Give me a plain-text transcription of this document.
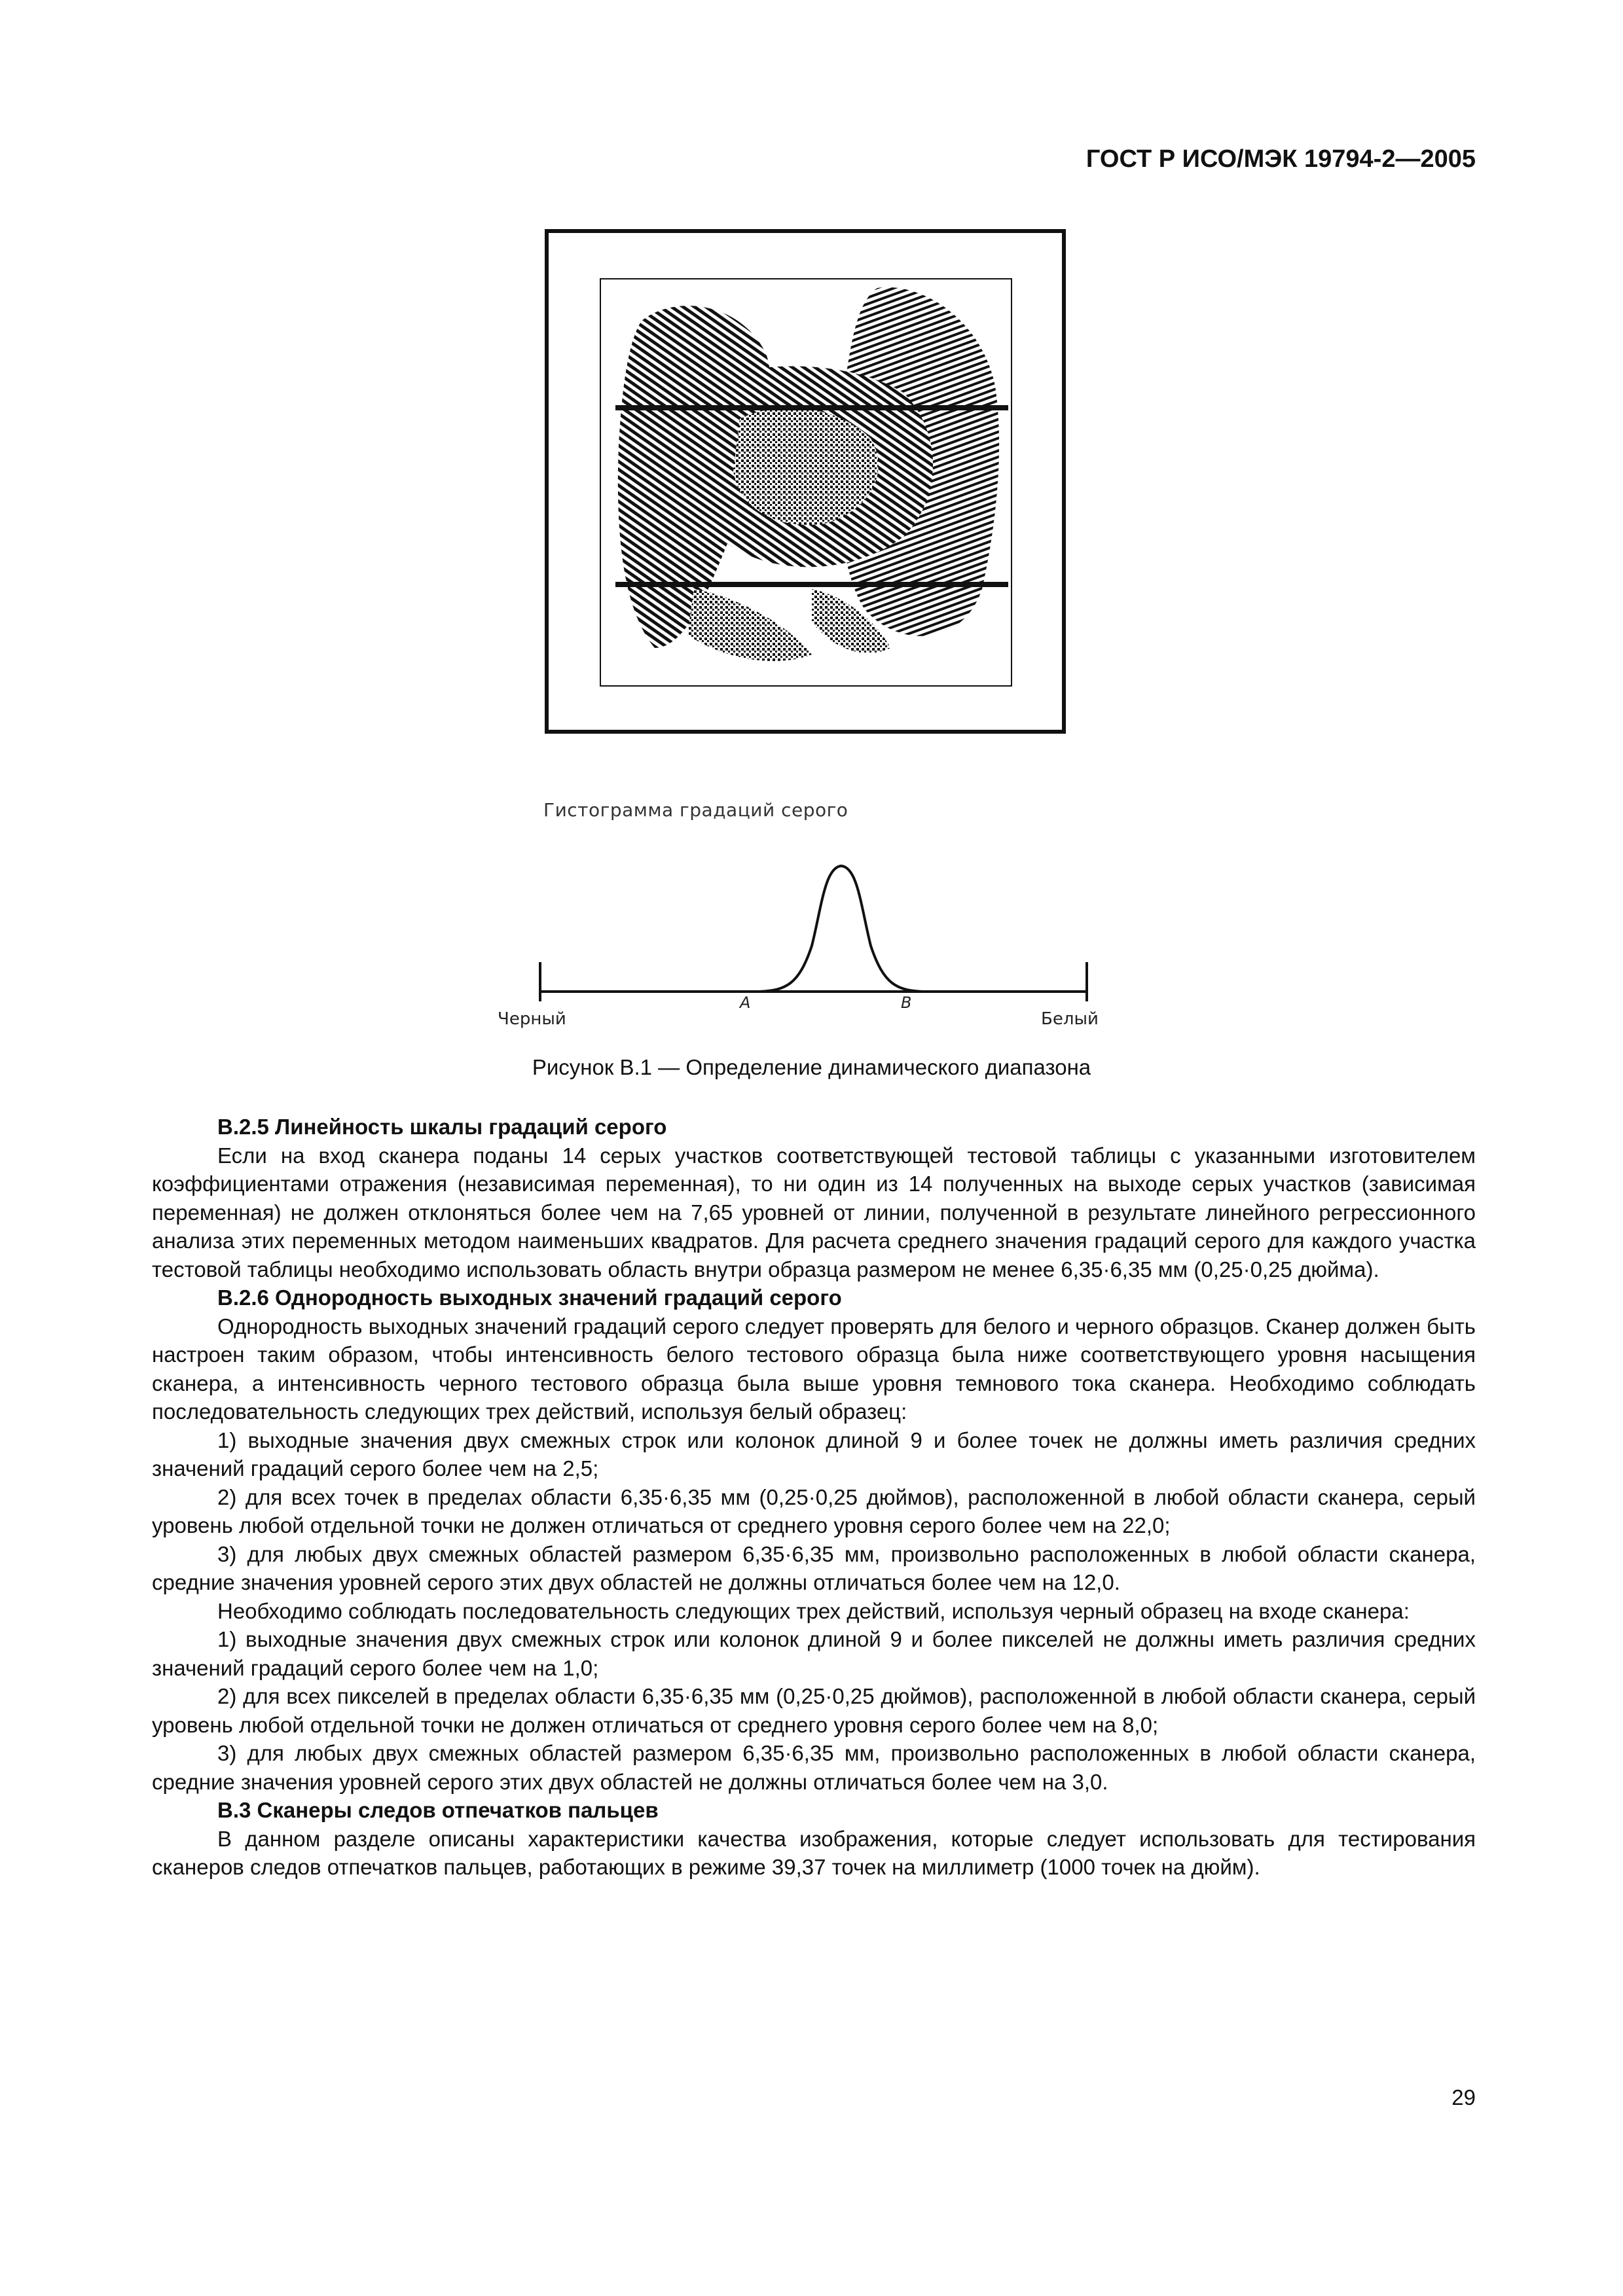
ГОСТ Р ИСО/МЭК 19794-2—2005
Гистограмма градаций серого
Черный
А	В
Белый
Рисунок В.1 — Определение динамического диапазона

В.2.5 Линейность шкалы градаций серого

Если на вход сканера поданы 14 серых участков соответствующей тестовой таблицы с указанными изготовителем коэффициентами отражения (независимая переменная), то ни один из 14 полученных на выходе серых участков (зависимая переменная) не должен отклоняться более чем на 7,65 уровней от линии, полученной в результате линейного регрессионного анализа этих переменных методом наименьших квадратов. Для расчета среднего значения градаций серого для каждого участка тестовой таблицы необходимо использовать область внутри образца размером не менее 6,35·6,35 мм (0,25·0,25 дюйма).

В.2.6 Однородность выходных значений градаций серого

Однородность выходных значений градаций серого следует проверять для белого и черного образцов. Сканер должен быть настроен таким образом, чтобы интенсивность белого тестового образца была ниже соответствующего уровня насыщения сканера, а интенсивность черного тестового образца была выше уровня темнового тока сканера. Необходимо соблюдать последовательность следующих трех действий, используя белый образец:

1) выходные значения двух смежных строк или колонок длиной 9 и более точек не должны иметь различия средних значений градаций серого более чем на 2,5;

2) для всех точек в пределах области 6,35·6,35 мм (0,25·0,25 дюймов), расположенной в любой области сканера, серый уровень любой отдельной точки не должен отличаться от среднего уровня серого более чем на 22,0;

3) для любых двух смежных областей размером 6,35·6,35 мм, произвольно расположенных в любой области сканера, средние значения уровней серого этих двух областей не должны отличаться более чем на 12,0.

Необходимо соблюдать последовательность следующих трех действий, используя черный образец на входе сканера:

1) выходные значения двух смежных строк или колонок длиной 9 и более пикселей не должны иметь различия средних значений градаций серого более чем на 1,0;

2) для всех пикселей в пределах области 6,35·6,35 мм (0,25·0,25 дюймов), расположенной в любой области сканера, серый уровень любой отдельной точки не должен отличаться от среднего уровня серого более чем на 8,0;

3) для любых двух смежных областей размером 6,35·6,35 мм, произвольно расположенных в любой области сканера, средние значения уровней серого этих двух областей не должны отличаться более чем на 3,0.

В.3 Сканеры следов отпечатков пальцев

В данном разделе описаны характеристики качества изображения, которые следует использовать для тестирования сканеров следов отпечатков пальцев, работающих в режиме 39,37 точек на миллиметр (1000 точек на дюйм).

29
